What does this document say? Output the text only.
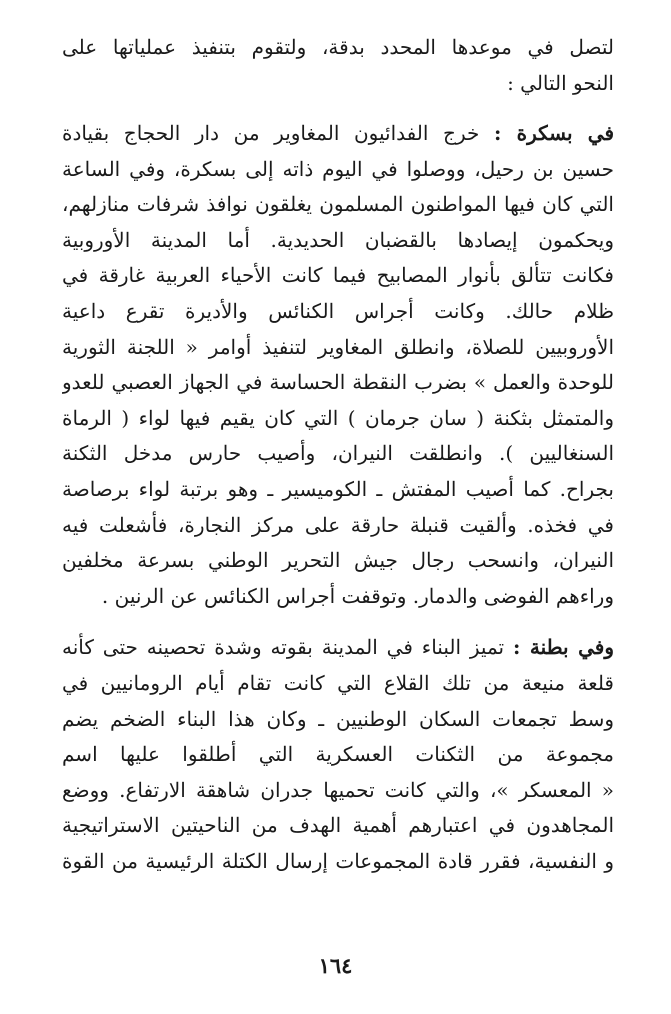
لتصل في موعدها المحدد بدقة، ولتقوم بتنفيذ عملياتها على
النحو التالي :

في بسكرة : خرج الفدائيون المغاوير من دار الحجاج بقيادة
حسين بن رحيل، ووصلوا في اليوم ذاته إلى بسكرة، وفي الساعة
التي كان فيها المواطنون المسلمون يغلقون نوافذ شرفات منازلهم،
ويحكمون إيصادها بالقضبان الحديدية. أما المدينة الأوروبية
فكانت تتألق بأنوار المصابيح فيما كانت الأحياء العربية غارقة في
ظلام حالك. وكانت أجراس الكنائس والأديرة تقرع داعية
الأوروبيين للصلاة، وانطلق المغاوير لتنفيذ أوامر « اللجنة الثورية
للوحدة والعمل » بضرب النقطة الحساسة في الجهاز العصبي للعدو
والمتمثل بثكنة ( سان جرمان ) التي كان يقيم فيها لواء ( الرماة
السنغاليين ). وانطلقت النيران، وأصيب حارس مدخل الثكنة
بجراح. كما أصيب المفتش ـ الكوميسير ـ وهو برتبة لواء برصاصة
في فخذه. وألقيت قنبلة حارقة على مركز النجارة، فأشعلت فيه
النيران، وانسحب رجال جيش التحرير الوطني بسرعة مخلفين
وراءهم الفوضى والدمار. وتوقفت أجراس الكنائس عن الرنين .

وفي بطنة : تميز البناء في المدينة بقوته وشدة تحصينه حتى كأنه
قلعة منيعة من تلك القلاع التي كانت تقام أيام الرومانيين في
وسط تجمعات السكان الوطنيين ـ وكان هذا البناء الضخم يضم
مجموعة من الثكنات العسكرية التي أطلقوا عليها اسم
« المعسكر »، والتي كانت تحميها جدران شاهقة الارتفاع. ووضع
المجاهدون في اعتبارهم أهمية الهدف من الناحيتين الاستراتيجية
و النفسية، فقرر قادة المجموعات إرسال الكتلة الرئيسية من القوة

١٦٤
